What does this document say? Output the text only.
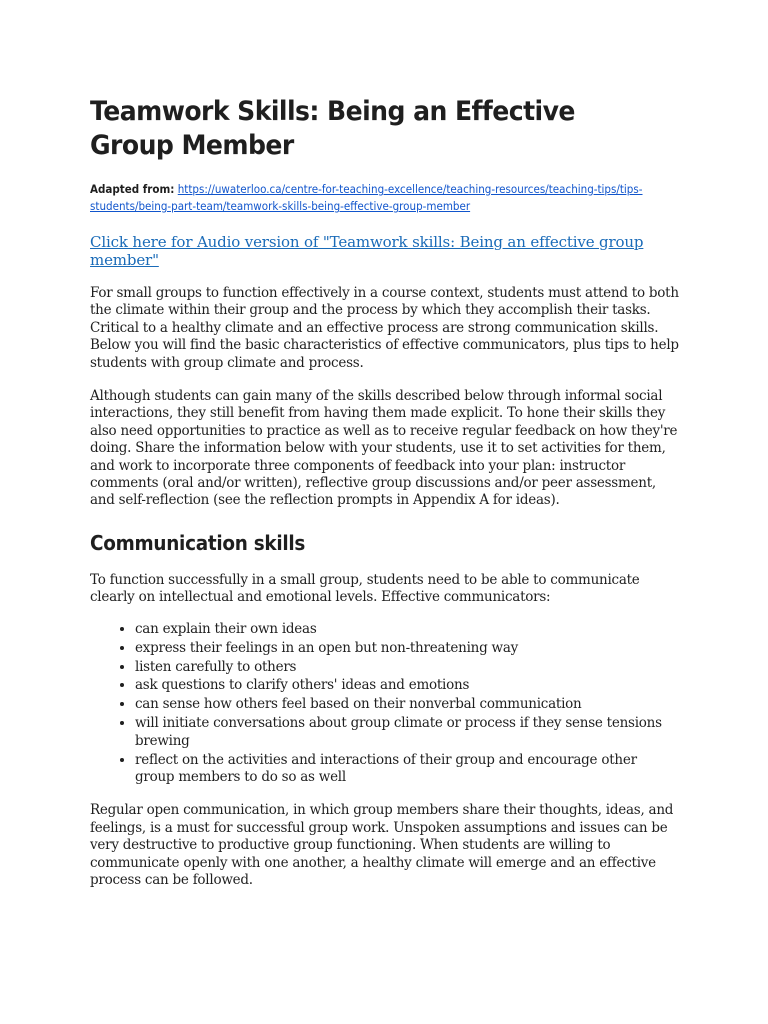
Teamwork Skills: Being an Effective Group Member
Adapted from: https://uwaterloo.ca/centre-for-teaching-excellence/teaching-resources/teaching-tips/tips-students/being-part-team/teamwork-skills-being-effective-group-member
Click here for Audio version of "Teamwork skills: Being an effective group member"

For small groups to function effectively in a course context, students must attend to both the climate within their group and the process by which they accomplish their tasks. Critical to a healthy climate and an effective process are strong communication skills. Below you will find the basic characteristics of effective communicators, plus tips to help students with group climate and process.

Although students can gain many of the skills described below through informal social interactions, they still benefit from having them made explicit. To hone their skills they also need opportunities to practice as well as to receive regular feedback on how they're doing. Share the information below with your students, use it to set activities for them, and work to incorporate three components of feedback into your plan: instructor comments (oral and/or written), reflective group discussions and/or peer assessment, and self-reflection (see the reflection prompts in Appendix A for ideas).

Communication skills

To function successfully in a small group, students need to be able to communicate clearly on intellectual and emotional levels. Effective communicators:

• can explain their own ideas
• express their feelings in an open but non-threatening way
• listen carefully to others
• ask questions to clarify others' ideas and emotions
• can sense how others feel based on their nonverbal communication
• will initiate conversations about group climate or process if they sense tensions brewing
• reflect on the activities and interactions of their group and encourage other group members to do so as well

Regular open communication, in which group members share their thoughts, ideas, and feelings, is a must for successful group work. Unspoken assumptions and issues can be very destructive to productive group functioning. When students are willing to communicate openly with one another, a healthy climate will emerge and an effective process can be followed.
